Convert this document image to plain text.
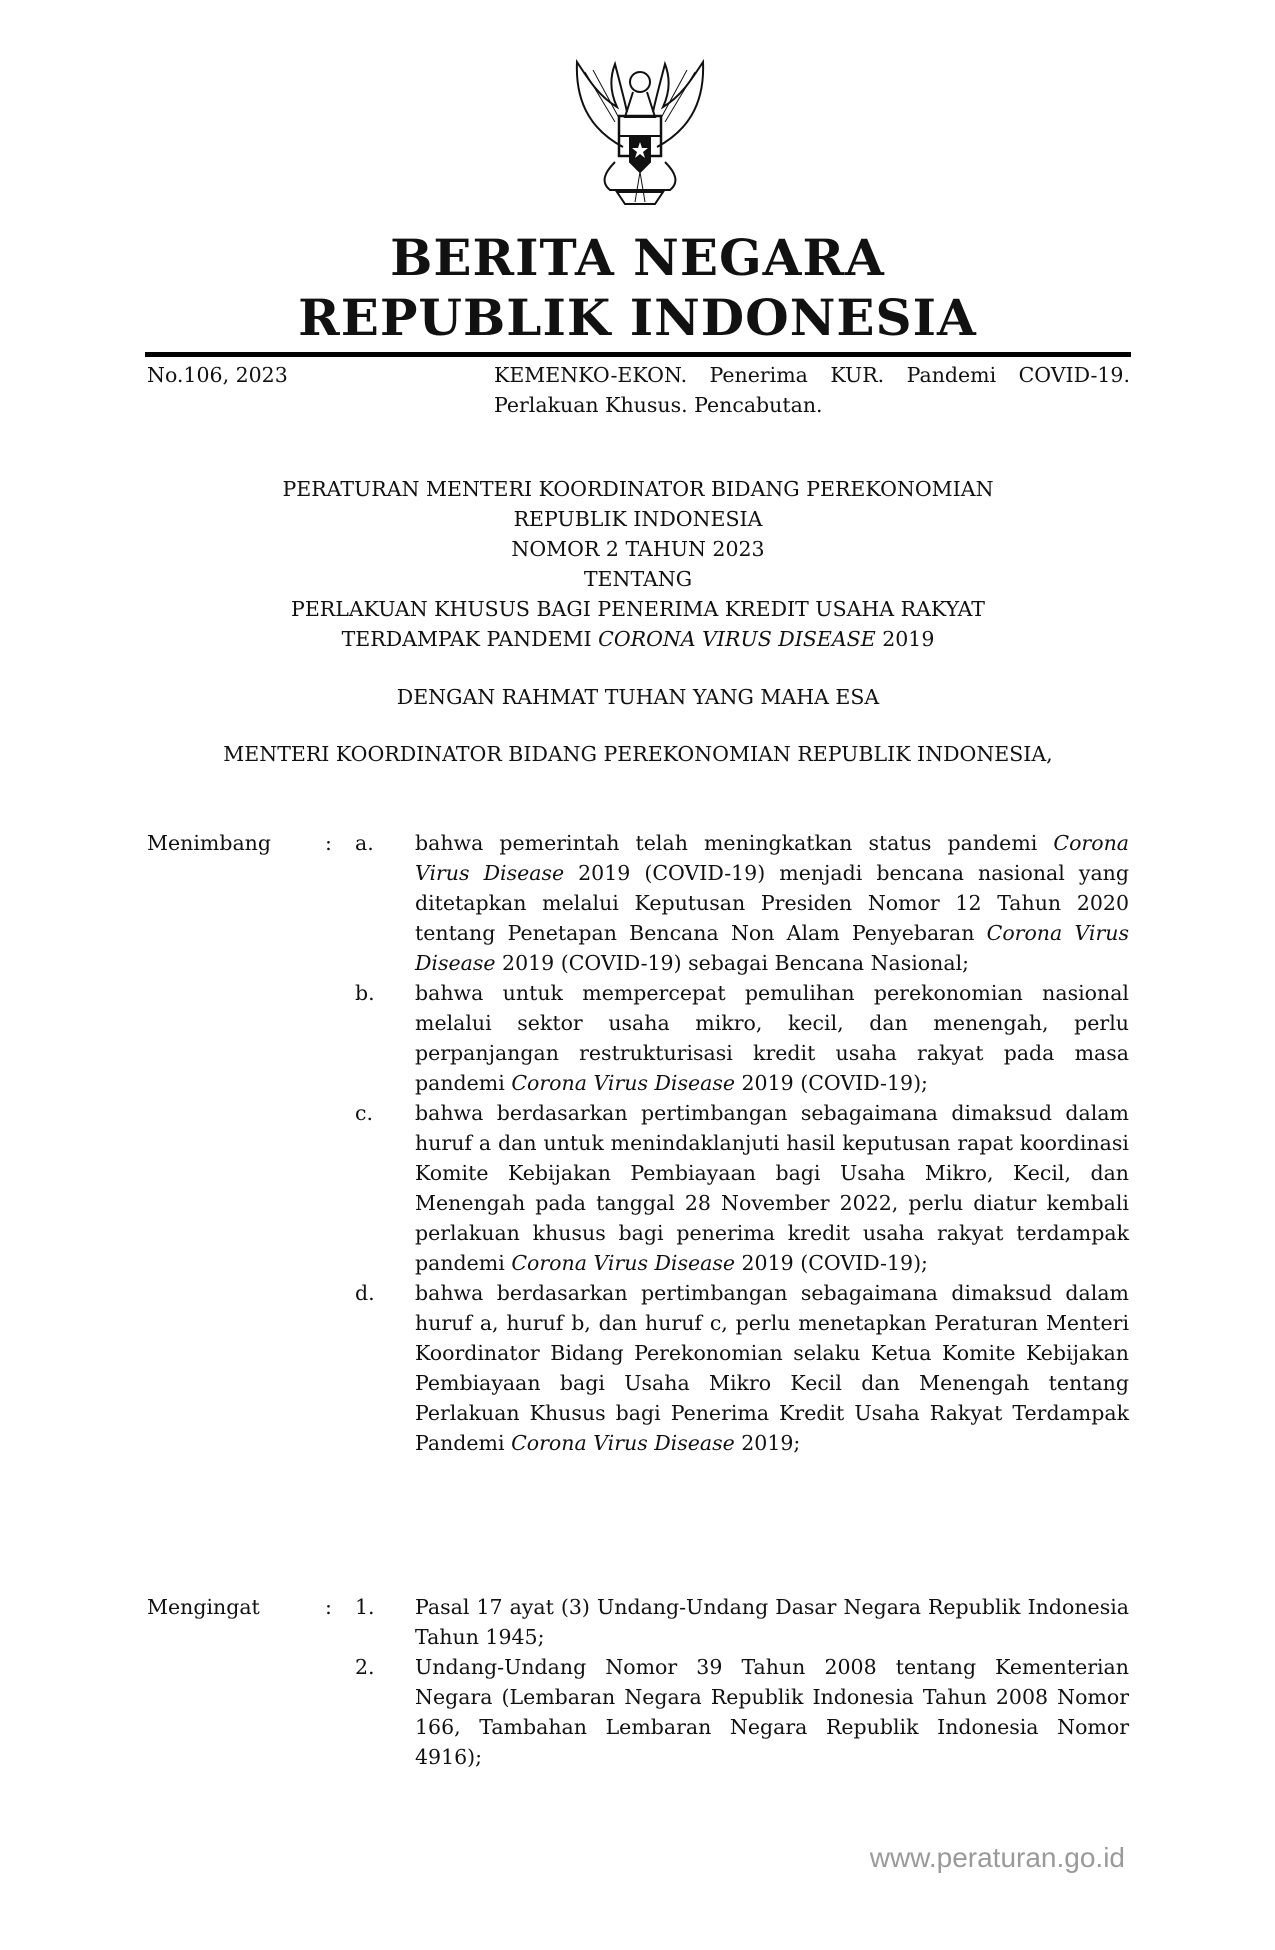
BERITA NEGARA
REPUBLIK INDONESIA
No.106, 2023	KEMENKO-EKON. Penerima KUR. Pandemi COVID-19. Perlakuan Khusus. Pencabutan.
PERATURAN MENTERI KOORDINATOR BIDANG PEREKONOMIAN
REPUBLIK INDONESIA
NOMOR 2 TAHUN 2023
TENTANG
PERLAKUAN KHUSUS BAGI PENERIMA KREDIT USAHA RAKYAT
TERDAMPAK PANDEMI CORONA VIRUS DISEASE 2019
DENGAN RAHMAT TUHAN YANG MAHA ESA
MENTERI KOORDINATOR BIDANG PEREKONOMIAN REPUBLIK INDONESIA,
Menimbang	: a. bahwa pemerintah telah meningkatkan status pandemi Corona Virus Disease 2019 (COVID-19) menjadi bencana nasional yang ditetapkan melalui Keputusan Presiden Nomor 12 Tahun 2020 tentang Penetapan Bencana Non Alam Penyebaran Corona Virus Disease 2019 (COVID-19) sebagai Bencana Nasional;
b. bahwa untuk mempercepat pemulihan perekonomian nasional melalui sektor usaha mikro, kecil, dan menengah, perlu perpanjangan restrukturisasi kredit usaha rakyat pada masa pandemi Corona Virus Disease 2019 (COVID-19);
c. bahwa berdasarkan pertimbangan sebagaimana dimaksud dalam huruf a dan untuk menindaklanjuti hasil keputusan rapat koordinasi Komite Kebijakan Pembiayaan bagi Usaha Mikro, Kecil, dan Menengah pada tanggal 28 November 2022, perlu diatur kembali perlakuan khusus bagi penerima kredit usaha rakyat terdampak pandemi Corona Virus Disease 2019 (COVID-19);
d. bahwa berdasarkan pertimbangan sebagaimana dimaksud dalam huruf a, huruf b, dan huruf c, perlu menetapkan Peraturan Menteri Koordinator Bidang Perekonomian selaku Ketua Komite Kebijakan Pembiayaan bagi Usaha Mikro Kecil dan Menengah tentang Perlakuan Khusus bagi Penerima Kredit Usaha Rakyat Terdampak Pandemi Corona Virus Disease 2019;
Mengingat	: 1. Pasal 17 ayat (3) Undang-Undang Dasar Negara Republik Indonesia Tahun 1945;
2. Undang-Undang Nomor 39 Tahun 2008 tentang Kementerian Negara (Lembaran Negara Republik Indonesia Tahun 2008 Nomor 166, Tambahan Lembaran Negara Republik Indonesia Nomor 4916);
www.peraturan.go.id
